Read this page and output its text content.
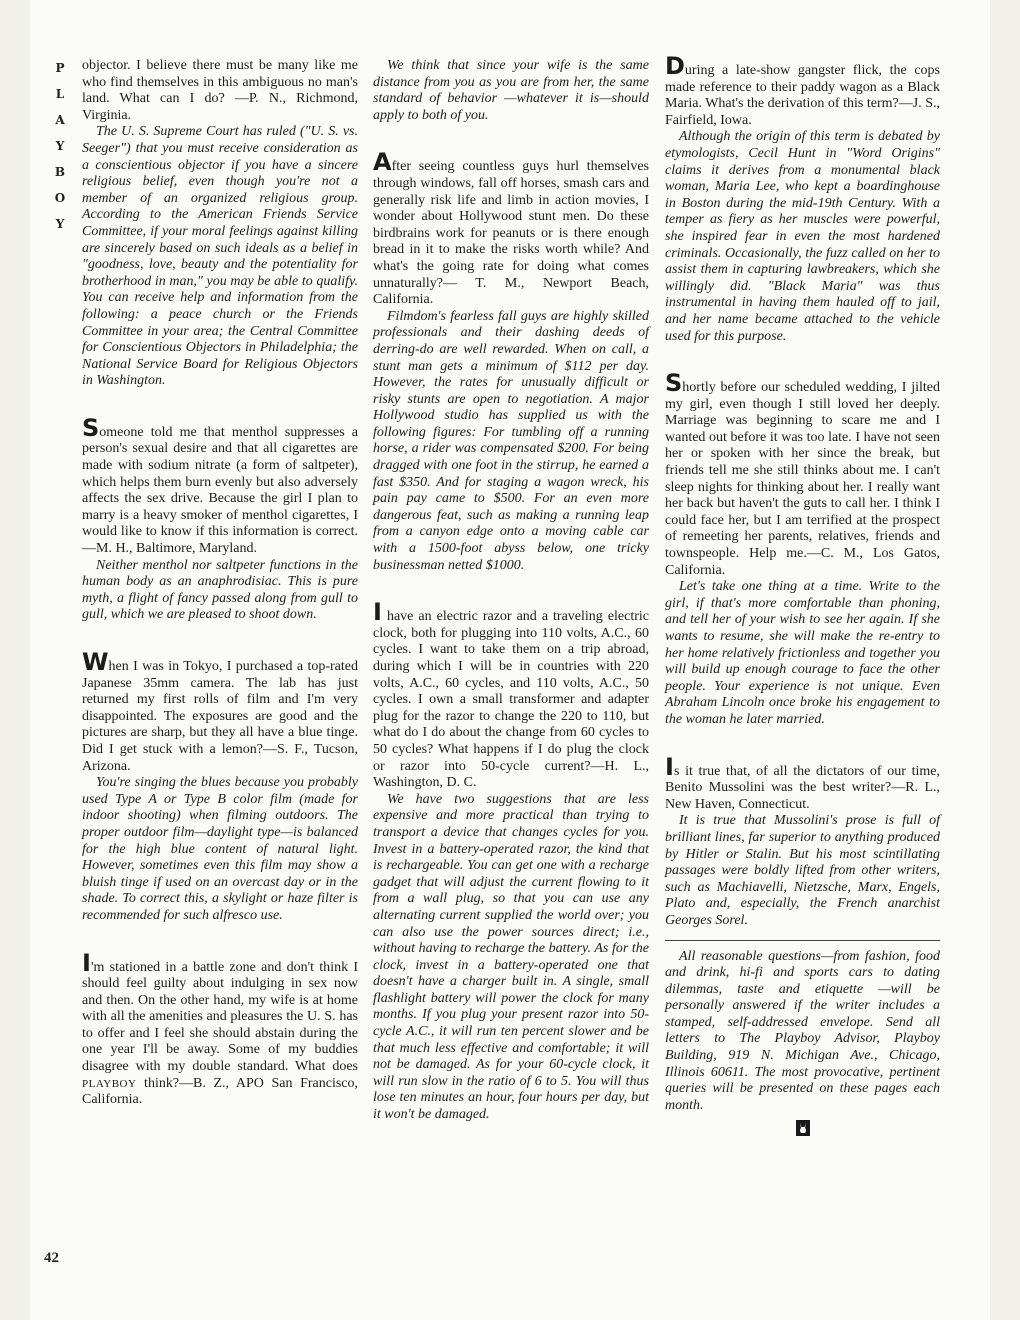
P
L
A
Y
B
O
Y
42

objector. I believe there must be many like me who find themselves in this ambiguous no man's land. What can I do? —P. N., Richmond, Virginia.

The U. S. Supreme Court has ruled ("U. S. vs. Seeger") that you must receive consideration as a conscientious objector if you have a sincere religious belief, even though you're not a member of an organized religious group. According to the American Friends Service Committee, if your moral feelings against killing are sincerely based on such ideals as a belief in "goodness, love, beauty and the potentiality for brotherhood in man," you may be able to qualify. You can receive help and information from the following: a peace church or the Friends Committee in your area; the Central Committee for Conscientious Objectors in Philadelphia; the National Service Board for Religious Objectors in Washington.

Someone told me that menthol suppresses a person's sexual desire and that all cigarettes are made with sodium nitrate (a form of saltpeter), which helps them burn evenly but also adversely affects the sex drive. Because the girl I plan to marry is a heavy smoker of menthol cigarettes, I would like to know if this information is correct.—M. H., Baltimore, Maryland.

Neither menthol nor saltpeter functions in the human body as an anaphrodisiac. This is pure myth, a flight of fancy passed along from gull to gull, which we are pleased to shoot down.

When I was in Tokyo, I purchased a top-rated Japanese 35mm camera. The lab has just returned my first rolls of film and I'm very disappointed. The exposures are good and the pictures are sharp, but they all have a blue tinge. Did I get stuck with a lemon?—S. F., Tucson, Arizona.

You're singing the blues because you probably used Type A or Type B color film (made for indoor shooting) when filming outdoors. The proper outdoor film—daylight type—is balanced for the high blue content of natural light. However, sometimes even this film may show a bluish tinge if used on an overcast day or in the shade. To correct this, a skylight or haze filter is recommended for such alfresco use.

I'm stationed in a battle zone and don't think I should feel guilty about indulging in sex now and then. On the other hand, my wife is at home with all the amenities and pleasures the U. S. has to offer and I feel she should abstain during the one year I'll be away. Some of my buddies disagree with my double standard. What does PLAYBOY think?—B. Z., APO San Francisco, California.

We think that since your wife is the same distance from you as you are from her, the same standard of behavior —whatever it is—should apply to both of you.

After seeing countless guys hurl themselves through windows, fall off horses, smash cars and generally risk life and limb in action movies, I wonder about Hollywood stunt men. Do these birdbrains work for peanuts or is there enough bread in it to make the risks worth while? And what's the going rate for doing what comes unnaturally?— T. M., Newport Beach, California.

Filmdom's fearless fall guys are highly skilled professionals and their dashing deeds of derring-do are well rewarded. When on call, a stunt man gets a minimum of $112 per day. However, the rates for unusually difficult or risky stunts are open to negotiation. A major Hollywood studio has supplied us with the following figures: For tumbling off a running horse, a rider was compensated $200. For being dragged with one foot in the stirrup, he earned a fast $350. And for staging a wagon wreck, his pain pay came to $500. For an even more dangerous feat, such as making a running leap from a canyon edge onto a moving cable car with a 1500-foot abyss below, one tricky businessman netted $1000.

I have an electric razor and a traveling electric clock, both for plugging into 110 volts, A.C., 60 cycles. I want to take them on a trip abroad, during which I will be in countries with 220 volts, A.C., 60 cycles, and 110 volts, A.C., 50 cycles. I own a small transformer and adapter plug for the razor to change the 220 to 110, but what do I do about the change from 60 cycles to 50 cycles? What happens if I do plug the clock or razor into 50-cycle current?—H. L., Washington, D. C.

We have two suggestions that are less expensive and more practical than trying to transport a device that changes cycles for you. Invest in a battery-operated razor, the kind that is rechargeable. You can get one with a recharge gadget that will adjust the current flowing to it from a wall plug, so that you can use any alternating current supplied the world over; you can also use the power sources direct; i.e., without having to recharge the battery. As for the clock, invest in a battery-operated one that doesn't have a charger built in. A single, small flashlight battery will power the clock for many months. If you plug your present razor into 50-cycle A.C., it will run ten percent slower and be that much less effective and comfortable; it will not be damaged. As for your 60-cycle clock, it will run slow in the ratio of 6 to 5. You will thus lose ten minutes an hour, four hours per day, but it won't be damaged.

During a late-show gangster flick, the cops made reference to their paddy wagon as a Black Maria. What's the derivation of this term?—J. S., Fairfield, Iowa.

Although the origin of this term is debated by etymologists, Cecil Hunt in "Word Origins" claims it derives from a monumental black woman, Maria Lee, who kept a boardinghouse in Boston during the mid-19th Century. With a temper as fiery as her muscles were powerful, she inspired fear in even the most hardened criminals. Occasionally, the fuzz called on her to assist them in capturing lawbreakers, which she willingly did. "Black Maria" was thus instrumental in having them hauled off to jail, and her name became attached to the vehicle used for this purpose.

Shortly before our scheduled wedding, I jilted my girl, even though I still loved her deeply. Marriage was beginning to scare me and I wanted out before it was too late. I have not seen her or spoken with her since the break, but friends tell me she still thinks about me. I can't sleep nights for thinking about her. I really want her back but haven't the guts to call her. I think I could face her, but I am terrified at the prospect of remeeting her parents, relatives, friends and townspeople. Help me.—C. M., Los Gatos, California.

Let's take one thing at a time. Write to the girl, if that's more comfortable than phoning, and tell her of your wish to see her again. If she wants to resume, she will make the re-entry to her home relatively frictionless and together you will build up enough courage to face the other people. Your experience is not unique. Even Abraham Lincoln once broke his engagement to the woman he later married.

Is it true that, of all the dictators of our time, Benito Mussolini was the best writer?—R. L., New Haven, Connecticut.

It is true that Mussolini's prose is full of brilliant lines, far superior to anything produced by Hitler or Stalin. But his most scintillating passages were boldly lifted from other writers, such as Machiavelli, Nietzsche, Marx, Engels, Plato and, especially, the French anarchist Georges Sorel.

All reasonable questions—from fashion, food and drink, hi-fi and sports cars to dating dilemmas, taste and etiquette —will be personally answered if the writer includes a stamped, self-addressed envelope. Send all letters to The Playboy Advisor, Playboy Building, 919 N. Michigan Ave., Chicago, Illinois 60611. The most provocative, pertinent queries will be presented on these pages each month.
